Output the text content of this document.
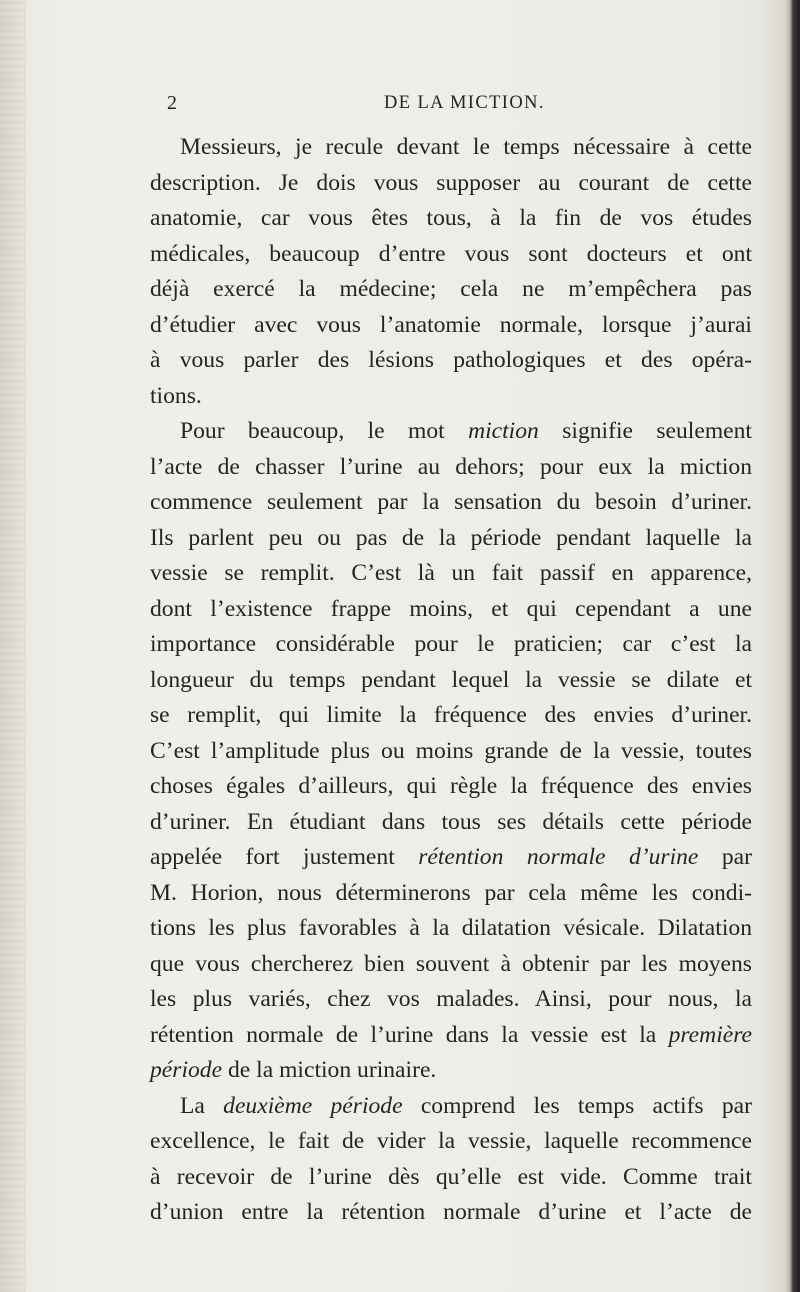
2	DE LA MICTION.
Messieurs, je recule devant le temps nécessaire à cette
description. Je dois vous supposer au courant de cette
anatomie, car vous êtes tous, à la fin de vos études
médicales, beaucoup d’entre vous sont docteurs et ont
déjà exercé la médecine; cela ne m’empêchera pas
d’étudier avec vous l’anatomie normale, lorsque j’aurai
à vous parler des lésions pathologiques et des opéra-
tions.
Pour beaucoup, le mot miction signifie seulement
l’acte de chasser l’urine au dehors; pour eux la miction
commence seulement par la sensation du besoin d’uriner.
Ils parlent peu ou pas de la période pendant laquelle la
vessie se remplit. C’est là un fait passif en apparence,
dont l’existence frappe moins, et qui cependant a une
importance considérable pour le praticien; car c’est la
longueur du temps pendant lequel la vessie se dilate et
se remplit, qui limite la fréquence des envies d’uriner.
C’est l’amplitude plus ou moins grande de la vessie, toutes
choses égales d’ailleurs, qui règle la fréquence des envies
d’uriner. En étudiant dans tous ses détails cette période
appelée fort justement rétention normale d’urine par
M. Horion, nous déterminerons par cela même les condi-
tions les plus favorables à la dilatation vésicale. Dilatation
que vous chercherez bien souvent à obtenir par les moyens
les plus variés, chez vos malades. Ainsi, pour nous, la
rétention normale de l’urine dans la vessie est la première
période de la miction urinaire.
La deuxième période comprend les temps actifs par
excellence, le fait de vider la vessie, laquelle recommence
à recevoir de l’urine dès qu’elle est vide. Comme trait
d’union entre la rétention normale d’urine et l’acte de
